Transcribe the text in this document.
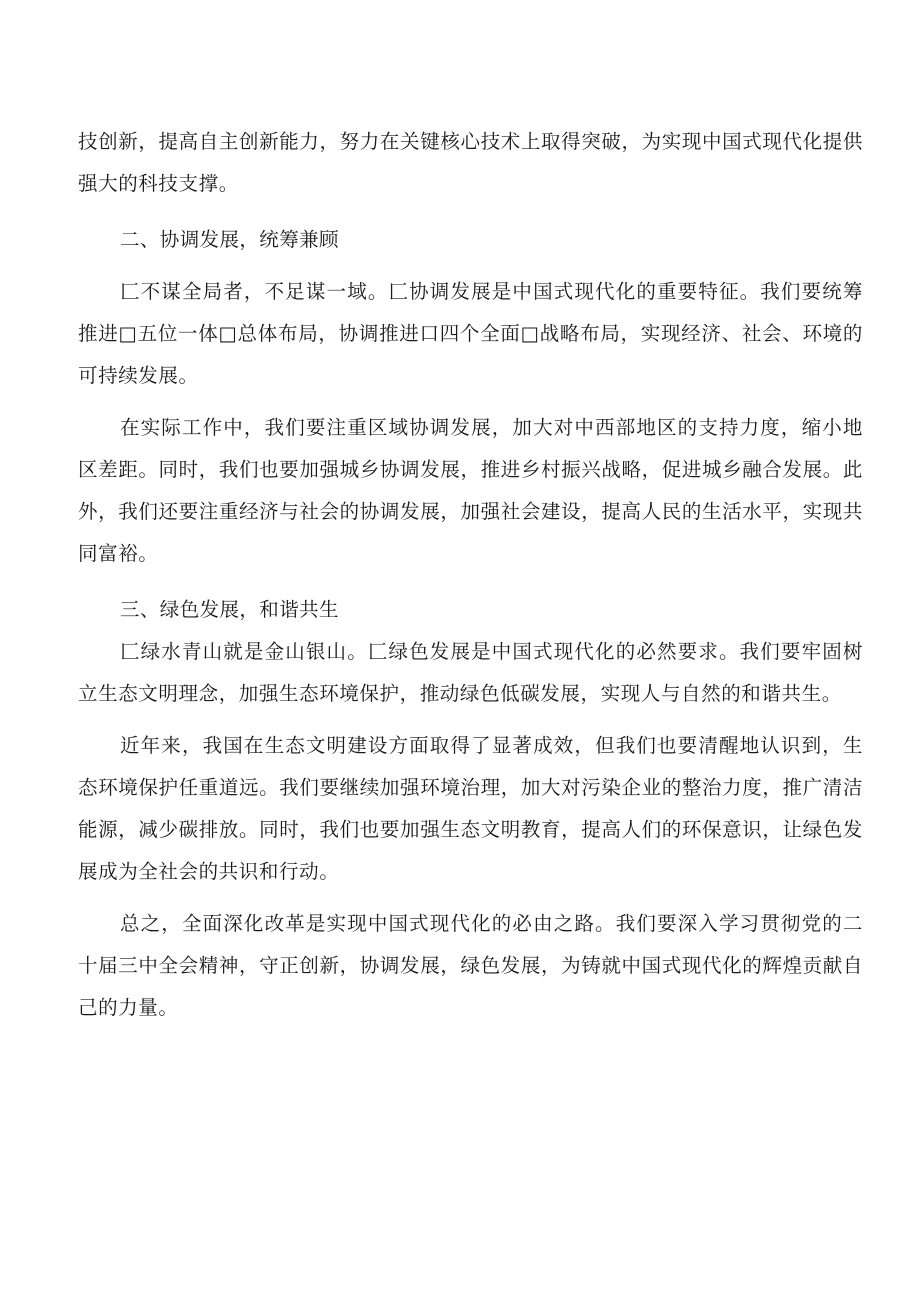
技创新，提高自主创新能力，努力在关键核心技术上取得突破，为实现中国式现代化提供强大的科技支撑。

二、协调发展，统筹兼顾

匚不谋全局者，不足谋一域。匚协调发展是中国式现代化的重要特征。我们要统筹推进□五位一体□总体布局，协调推进口四个全面□战略布局，实现经济、社会、环境的可持续发展。

在实际工作中，我们要注重区域协调发展，加大对中西部地区的支持力度，缩小地区差距。同时，我们也要加强城乡协调发展，推进乡村振兴战略，促进城乡融合发展。此外，我们还要注重经济与社会的协调发展，加强社会建设，提高人民的生活水平，实现共同富裕。

三、绿色发展，和谐共生

匚绿水青山就是金山银山。匚绿色发展是中国式现代化的必然要求。我们要牢固树立生态文明理念，加强生态环境保护，推动绿色低碳发展，实现人与自然的和谐共生。

近年来，我国在生态文明建设方面取得了显著成效，但我们也要清醒地认识到，生态环境保护任重道远。我们要继续加强环境治理，加大对污染企业的整治力度，推广清洁能源，减少碳排放。同时，我们也要加强生态文明教育，提高人们的环保意识，让绿色发展成为全社会的共识和行动。

总之，全面深化改革是实现中国式现代化的必由之路。我们要深入学习贯彻党的二十届三中全会精神，守正创新，协调发展，绿色发展，为铸就中国式现代化的辉煌贡献自己的力量。
